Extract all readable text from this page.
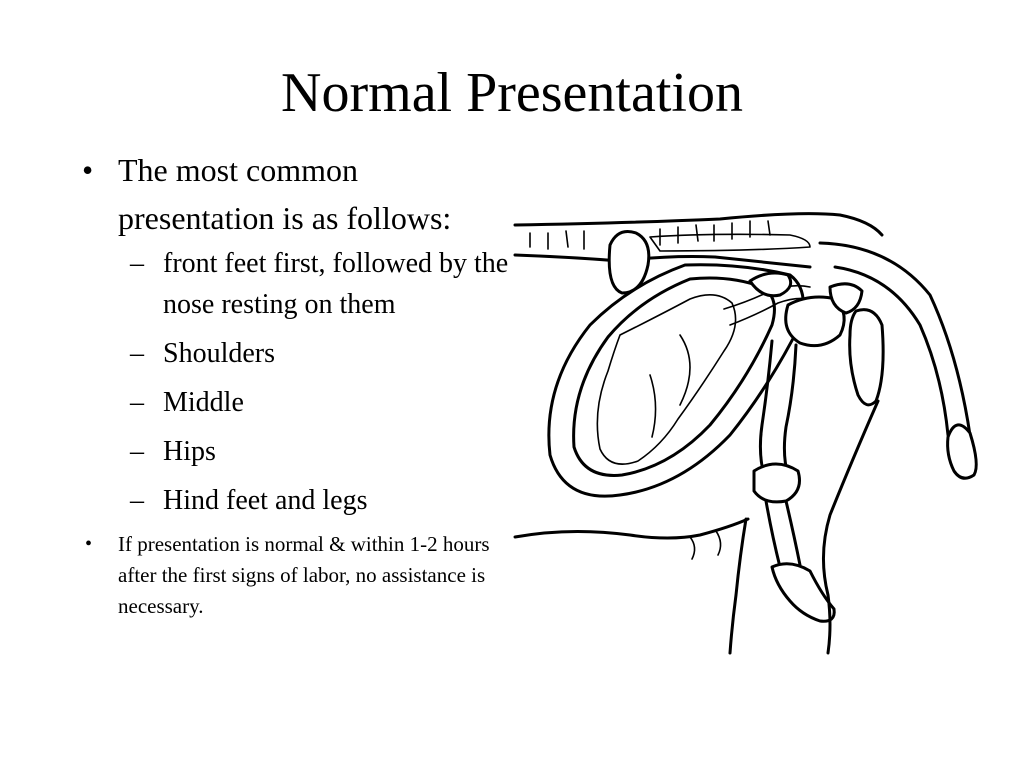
Normal Presentation
• The most common presentation is as follows:
– front feet first, followed by the nose resting on them
– Shoulders
– Middle
– Hips
– Hind feet and legs
• If presentation is normal & within 1-2 hours after the first signs of labor, no assistance is necessary.
